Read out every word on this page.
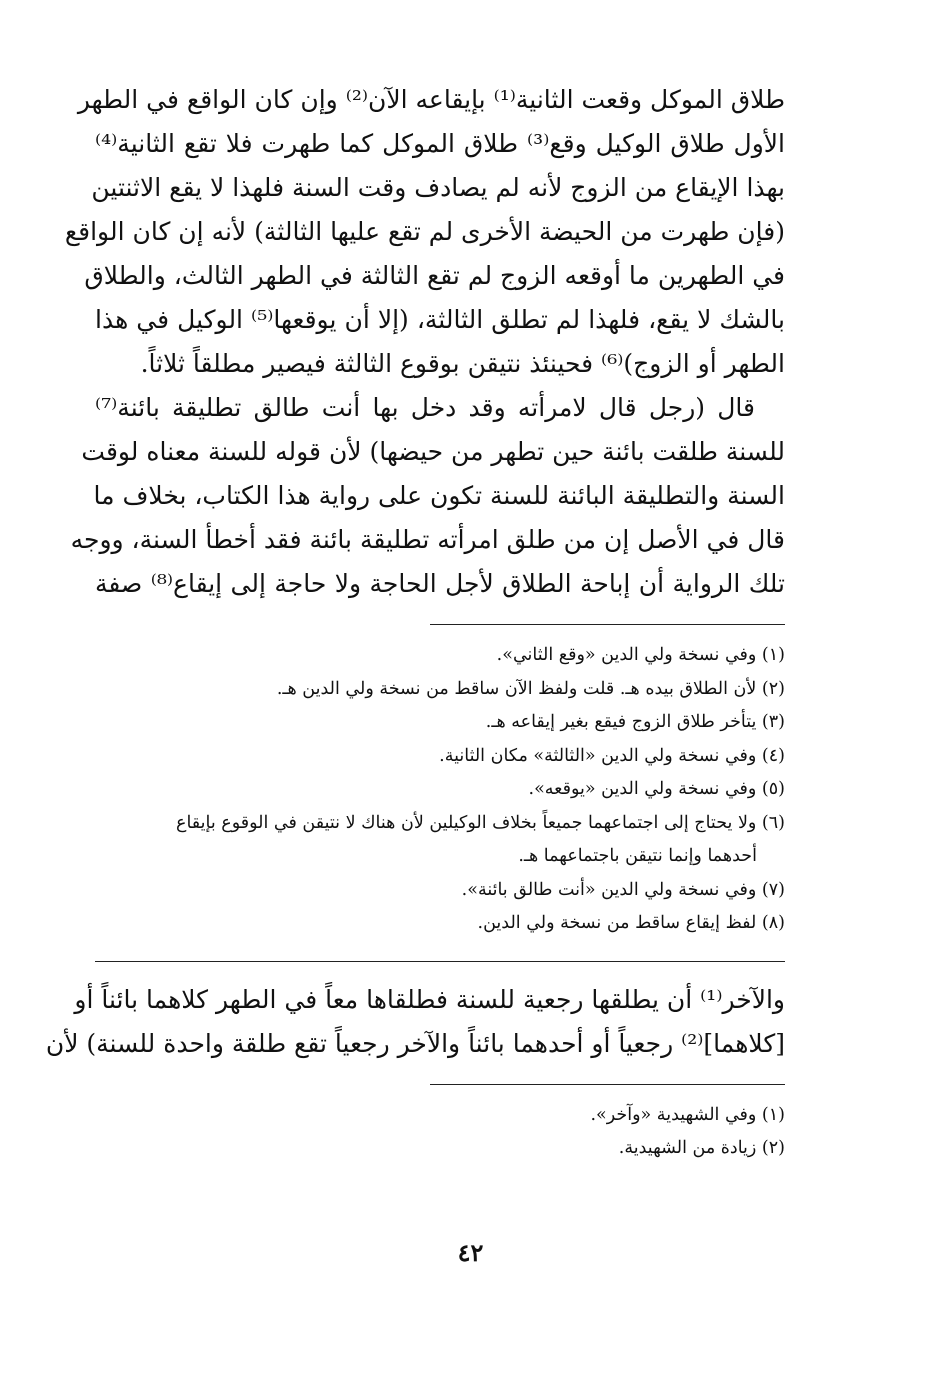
طلاق الموكل وقعت الثانية⁽¹⁾ بإيقاعه الآن⁽²⁾ وإن كان الواقع في الطهر
الأول طلاق الوكيل وقع⁽³⁾ طلاق الموكل كما طهرت فلا تقع الثانية⁽⁴⁾
بهذا الإيقاع من الزوج لأنه لم يصادف وقت السنة فلهذا لا يقع الاثنتين
(فإن طهرت من الحيضة الأخرى لم تقع عليها الثالثة) لأنه إن كان الواقع
في الطهرين ما أوقعه الزوج لم تقع الثالثة في الطهر الثالث، والطلاق
بالشك لا يقع، فلهذا لم تطلق الثالثة، (إلا أن يوقعها⁽⁵⁾ الوكيل في هذا
الطهر أو الزوج)⁽⁶⁾ فحينئذ نتيقن بوقوع الثالثة فيصير مطلقاً ثلاثاً.
قال (رجل قال لامرأته وقد دخل بها أنت طالق تطليقة بائنة⁽⁷⁾
للسنة طلقت بائنة حين تطهر من حيضها) لأن قوله للسنة معناه لوقت
السنة والتطليقة البائنة للسنة تكون على رواية هذا الكتاب، بخلاف ما
قال في الأصل إن من طلق امرأته تطليقة بائنة فقد أخطأ السنة، ووجه
تلك الرواية أن إباحة الطلاق لأجل الحاجة ولا حاجة إلى إيقاع⁽⁸⁾ صفة
(١) وفي نسخة ولي الدين «وقع الثاني».
(٢) لأن الطلاق بيده هـ. قلت ولفظ الآن ساقط من نسخة ولي الدين هـ.
(٣) يتأخر طلاق الزوج فيقع بغير إيقاعه هـ.
(٤) وفي نسخة ولي الدين «الثالثة» مكان الثانية.
(٥) وفي نسخة ولي الدين «يوقعه».
(٦) ولا يحتاج إلى اجتماعهما جميعاً بخلاف الوكيلين لأن هناك لا نتيقن في الوقوع بإيقاع
أحدهما وإنما نتيقن باجتماعهما هـ.
(٧) وفي نسخة ولي الدين «أنت طالق بائنة».
(٨) لفظ إيقاع ساقط من نسخة ولي الدين.
والآخر⁽¹⁾ أن يطلقها رجعية للسنة فطلقاها معاً في الطهر كلاهما بائناً أو
[كلاهما]⁽²⁾ رجعياً أو أحدهما بائناً والآخر رجعياً تقع طلقة واحدة للسنة) لأن
(١) وفي الشهيدية «وآخر».
(٢) زيادة من الشهيدية.
٤٢
